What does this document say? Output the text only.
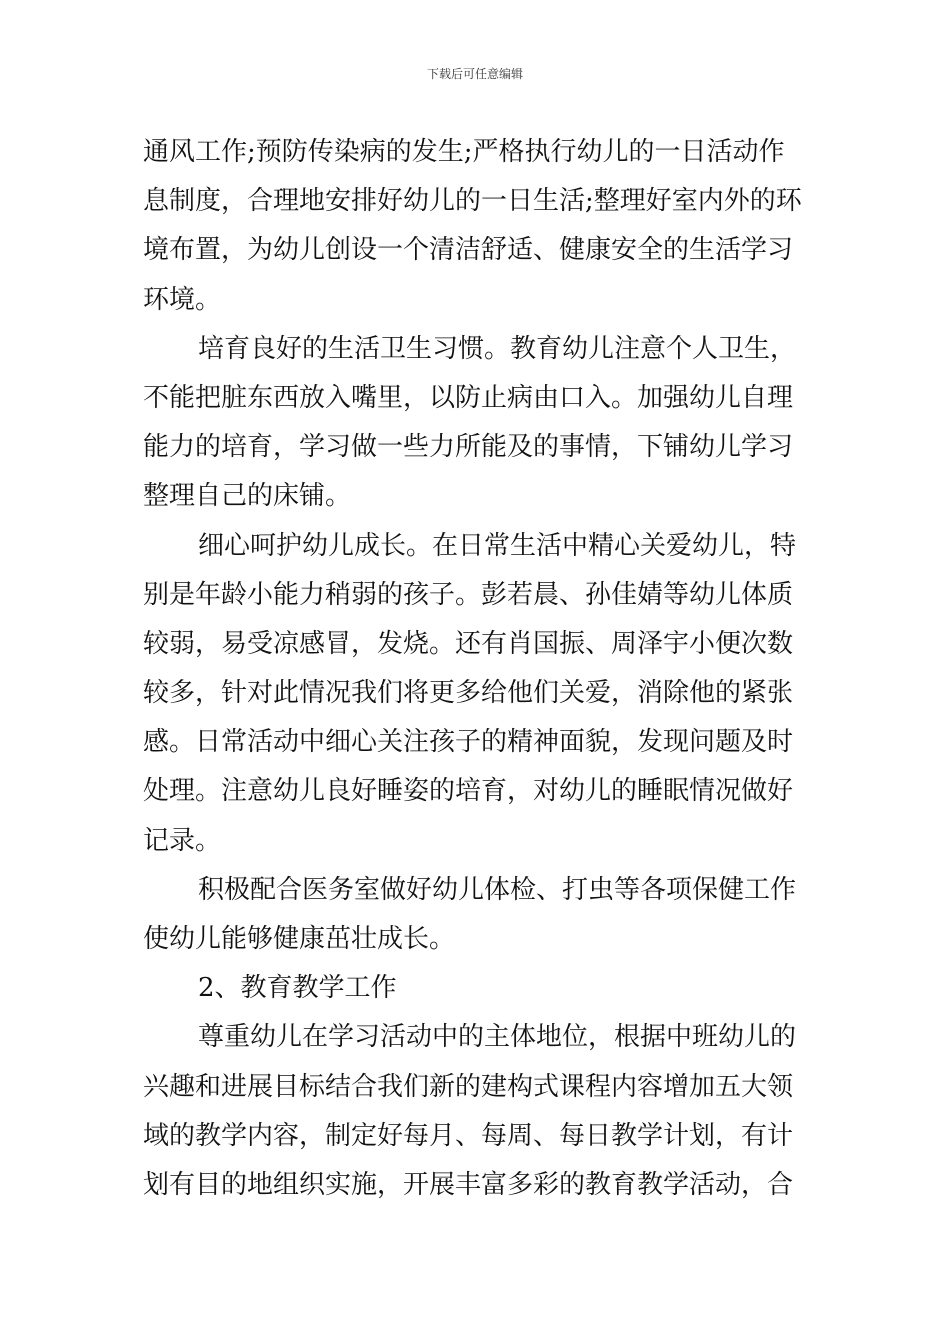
下载后可任意编辑
通风工作;预防传染病的发生;严格执行幼儿的一日活动作
息制度，合理地安排好幼儿的一日生活;整理好室内外的环
境布置，为幼儿创设一个清洁舒适、健康安全的生活学习
环境。
培育良好的生活卫生习惯。教育幼儿注意个人卫生，
不能把脏东西放入嘴里，以防止病由口入。加强幼儿自理
能力的培育，学习做一些力所能及的事情，下铺幼儿学习
整理自己的床铺。
细心呵护幼儿成长。在日常生活中精心关爱幼儿，特
别是年龄小能力稍弱的孩子。彭若晨、孙佳婧等幼儿体质
较弱，易受凉感冒，发烧。还有肖国振、周泽宇小便次数
较多，针对此情况我们将更多给他们关爱，消除他的紧张
感。日常活动中细心关注孩子的精神面貌，发现问题及时
处理。注意幼儿良好睡姿的培育，对幼儿的睡眠情况做好
记录。
积极配合医务室做好幼儿体检、打虫等各项保健工作
使幼儿能够健康茁壮成长。
2、教育教学工作
尊重幼儿在学习活动中的主体地位，根据中班幼儿的
兴趣和进展目标结合我们新的建构式课程内容增加五大领
域的教学内容，制定好每月、每周、每日教学计划，有计
划有目的地组织实施，开展丰富多彩的教育教学活动，合
